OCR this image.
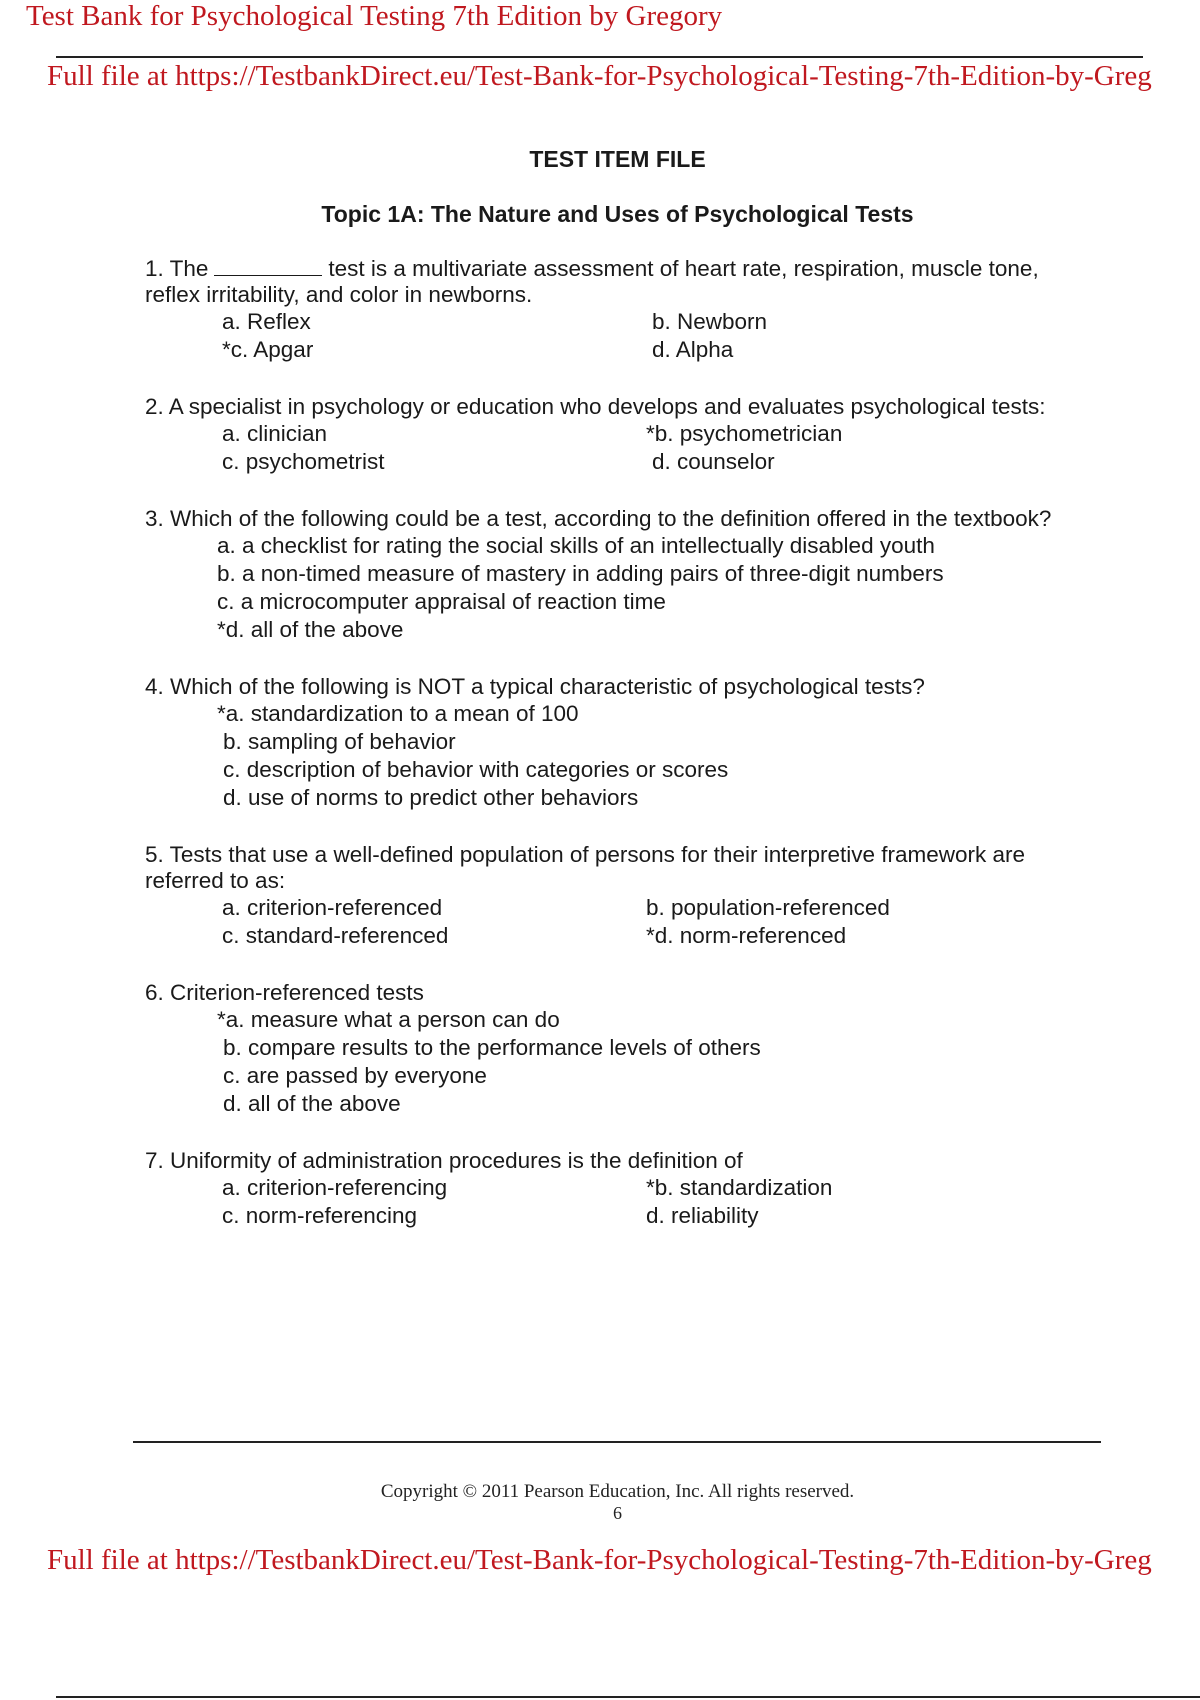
Test Bank for Psychological Testing 7th Edition by Gregory
Full file at https://TestbankDirect.eu/Test-Bank-for-Psychological-Testing-7th-Edition-by-Greg
TEST ITEM FILE
Topic 1A: The Nature and Uses of Psychological Tests
1. The	test is a multivariate assessment of heart rate, respiration, muscle tone, reflex irritability, and color in newborns.
a. Reflex	b. Newborn
*c. Apgar	d. Alpha
2. A specialist in psychology or education who develops and evaluates psychological tests:
a. clinician	*b. psychometrician
c. psychometrist	d. counselor
3. Which of the following could be a test, according to the definition offered in the textbook?
a. a checklist for rating the social skills of an intellectually disabled youth
b. a non-timed measure of mastery in adding pairs of three-digit numbers
c. a microcomputer appraisal of reaction time
*d. all of the above
4. Which of the following is NOT a typical characteristic of psychological tests?
*a. standardization to a mean of 100
b. sampling of behavior
c. description of behavior with categories or scores
d. use of norms to predict other behaviors
5. Tests that use a well-defined population of persons for their interpretive framework are referred to as:
a. criterion-referenced	b. population-referenced
c. standard-referenced	*d. norm-referenced
6. Criterion-referenced tests
*a. measure what a person can do
b. compare results to the performance levels of others
c. are passed by everyone
d. all of the above
7. Uniformity of administration procedures is the definition of
a. criterion-referencing	*b. standardization
c. norm-referencing	d. reliability
Copyright © 2011 Pearson Education, Inc. All rights reserved.
6
Full file at https://TestbankDirect.eu/Test-Bank-for-Psychological-Testing-7th-Edition-by-Greg
